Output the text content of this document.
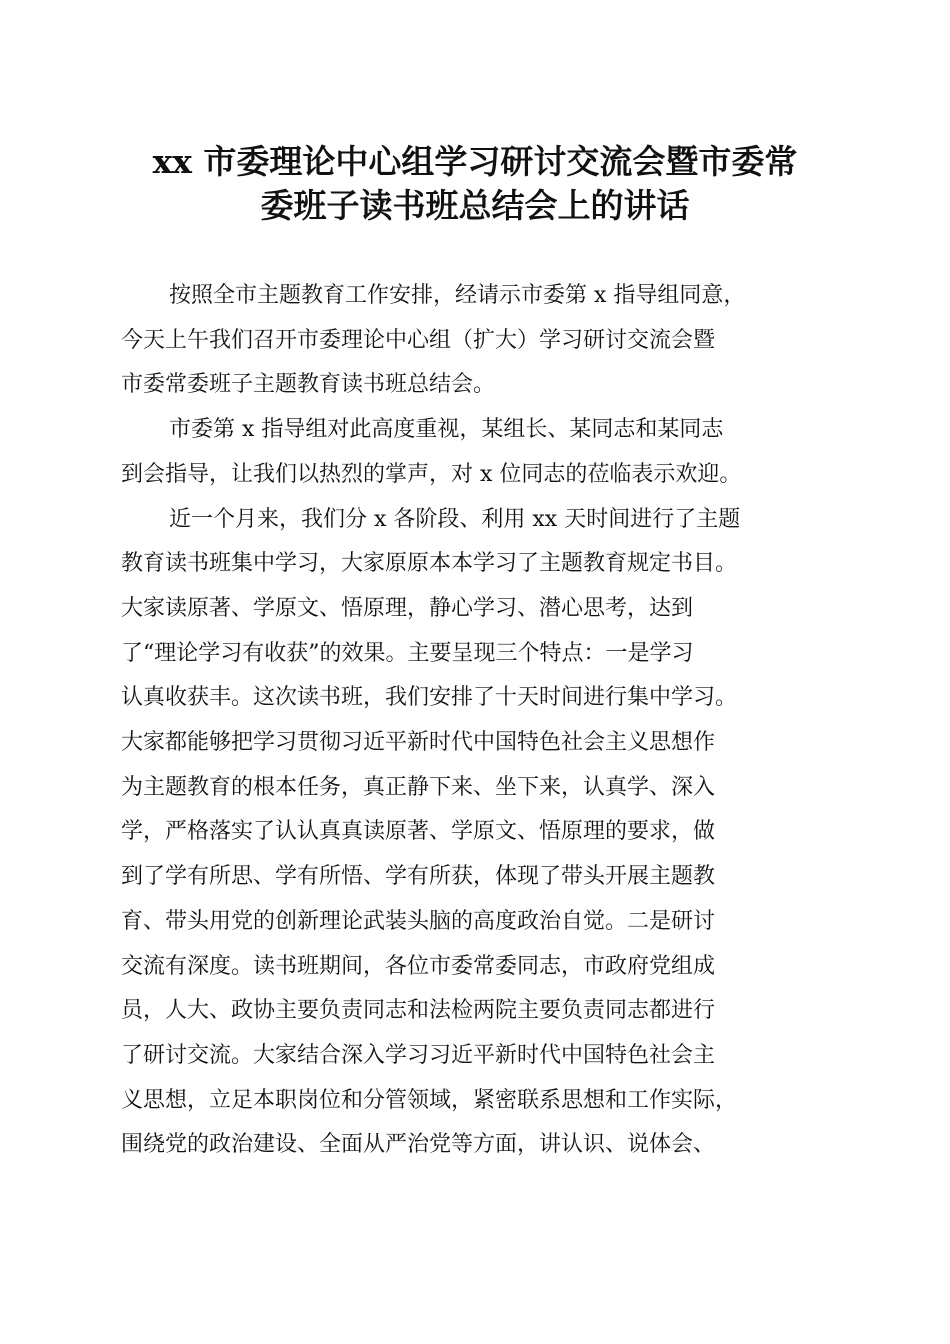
xx 市委理论中心组学习研讨交流会暨市委常
委班子读书班总结会上的讲话
按照全市主题教育工作安排，经请示市委第 x 指导组同意，
今天上午我们召开市委理论中心组（扩大）学习研讨交流会暨
市委常委班子主题教育读书班总结会。
市委第 x 指导组对此高度重视，某组长、某同志和某同志
到会指导，让我们以热烈的掌声，对 x 位同志的莅临表示欢迎。
近一个月来，我们分 x 各阶段、利用 xx 天时间进行了主题
教育读书班集中学习，大家原原本本学习了主题教育规定书目。
大家读原著、学原文、悟原理，静心学习、潜心思考，达到
了“理论学习有收获”的效果。主要呈现三个特点：一是学习
认真收获丰。这次读书班，我们安排了十天时间进行集中学习。
大家都能够把学习贯彻习近平新时代中国特色社会主义思想作
为主题教育的根本任务，真正静下来、坐下来，认真学、深入
学，严格落实了认认真真读原著、学原文、悟原理的要求，做
到了学有所思、学有所悟、学有所获，体现了带头开展主题教
育、带头用党的创新理论武装头脑的高度政治自觉。二是研讨
交流有深度。读书班期间，各位市委常委同志，市政府党组成
员，人大、政协主要负责同志和法检两院主要负责同志都进行
了研讨交流。大家结合深入学习习近平新时代中国特色社会主
义思想，立足本职岗位和分管领域，紧密联系思想和工作实际，
围绕党的政治建设、全面从严治党等方面，讲认识、说体会、
